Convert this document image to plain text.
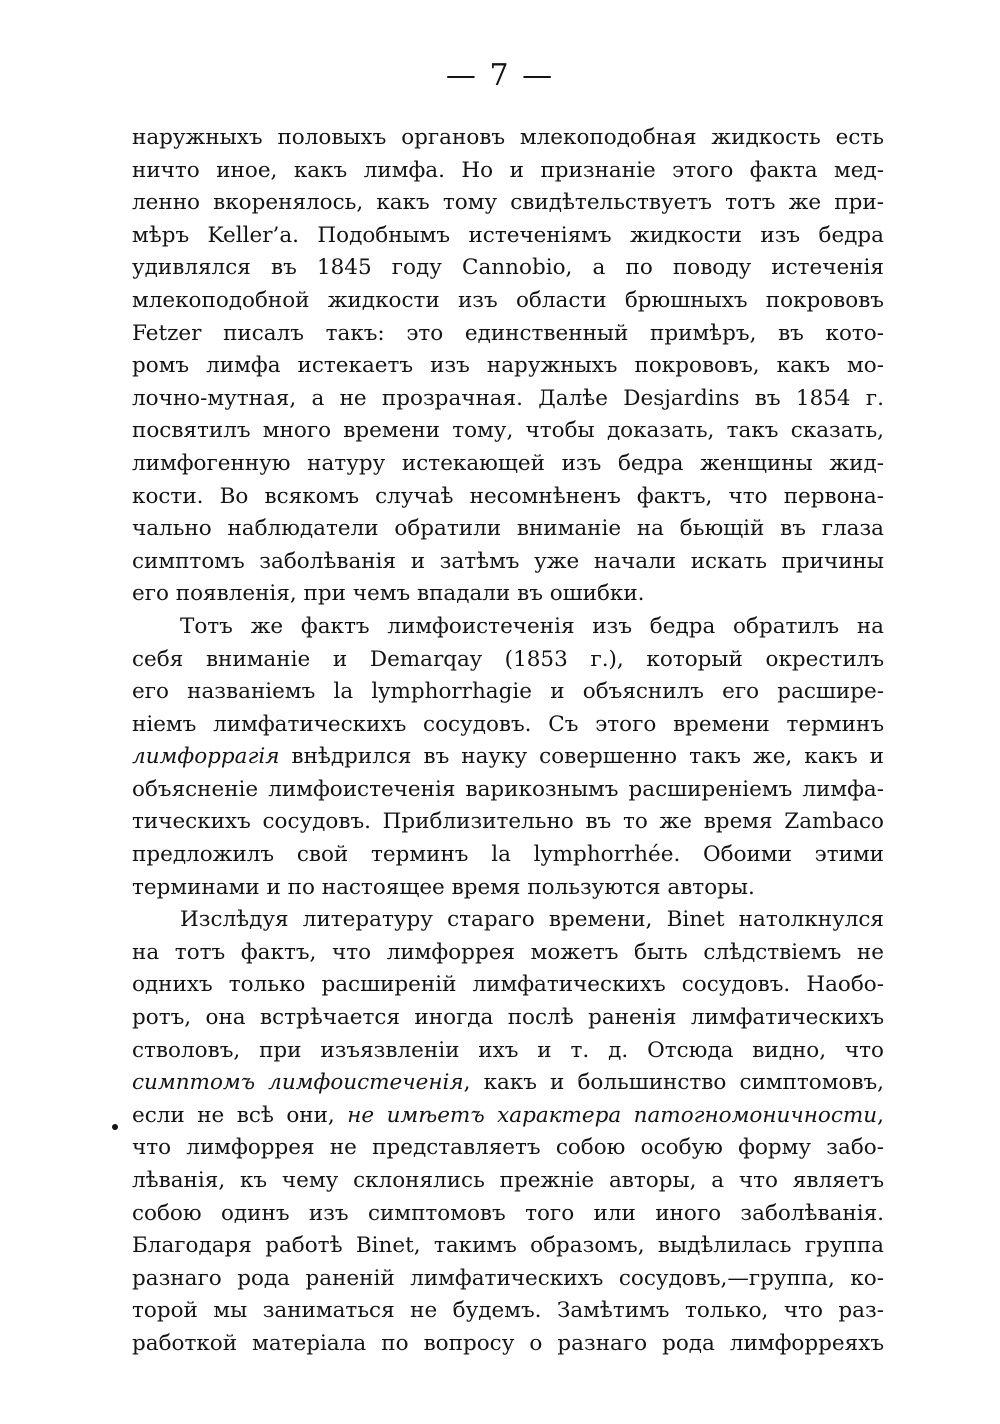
— 7 —
наружныхъ половыхъ органовъ млекоподобная жидкость есть
ничто иное, какъ лимфа. Но и признаніе этого факта мед-
ленно вкоренялось, какъ тому свидѣтельствуетъ тотъ же при-
мѣръ Keller’а. Подобнымъ истеченіямъ жидкости изъ бедра
удивлялся въ 1845 году Cannobio, а по поводу истеченія
млекоподобной жидкости изъ области брюшныхъ покрововъ
Fetzer писалъ такъ: это единственный примѣръ, въ кото-
ромъ лимфа истекаетъ изъ наружныхъ покрововъ, какъ мо-
лочно-мутная, а не прозрачная. Далѣе Desjardins въ 1854 г.
посвятилъ много времени тому, чтобы доказать, такъ сказать,
лимфогенную натуру истекающей изъ бедра женщины жид-
кости. Во всякомъ случаѣ несомнѣненъ фактъ, что первона-
чально наблюдатели обратили вниманіе на бьющій въ глаза
симптомъ заболѣванія и затѣмъ уже начали искать причины
его появленія, при чемъ впадали въ ошибки.
Тотъ же фактъ лимфоистеченія изъ бедра обратилъ на
себя вниманіе и Demarqay (1853 г.), который окрестилъ
его названіемъ la lymphorrhagie и объяснилъ его расшире-
ніемъ лимфатическихъ сосудовъ. Съ этого времени терминъ
лимфоррагія внѣдрился въ науку совершенно такъ же, какъ и
объясненіе лимфоистеченія варикознымъ расширеніемъ лимфа-
тическихъ сосудовъ. Приблизительно въ то же время Zambaco
предложилъ свой терминъ la lymphorrhée. Обоими этими
терминами и по настоящее время пользуются авторы.
Изслѣдуя литературу стараго времени, Binet натолкнулся
на тотъ фактъ, что лимфоррея можетъ быть слѣдствіемъ не
однихъ только расширеній лимфатическихъ сосудовъ. Наобо-
ротъ, она встрѣчается иногда послѣ раненія лимфатическихъ
стволовъ, при изъязвленіи ихъ и т. д. Отсюда видно, что
симптомъ лимфоистеченія, какъ и большинство симптомовъ,
если не всѣ они, не имѣетъ характера патогномоничности,
что лимфоррея не представляетъ собою особую форму забо-
лѣванія, къ чему склонялись прежніе авторы, а что являетъ
собою одинъ изъ симптомовъ того или иного заболѣванія.
Благодаря работѣ Binet, такимъ образомъ, выдѣлилась группа
разнаго рода раненій лимфатическихъ сосудовъ,—группа, ко-
торой мы заниматься не будемъ. Замѣтимъ только, что раз-
работкой матеріала по вопросу о разнаго рода лимфорреяхъ
